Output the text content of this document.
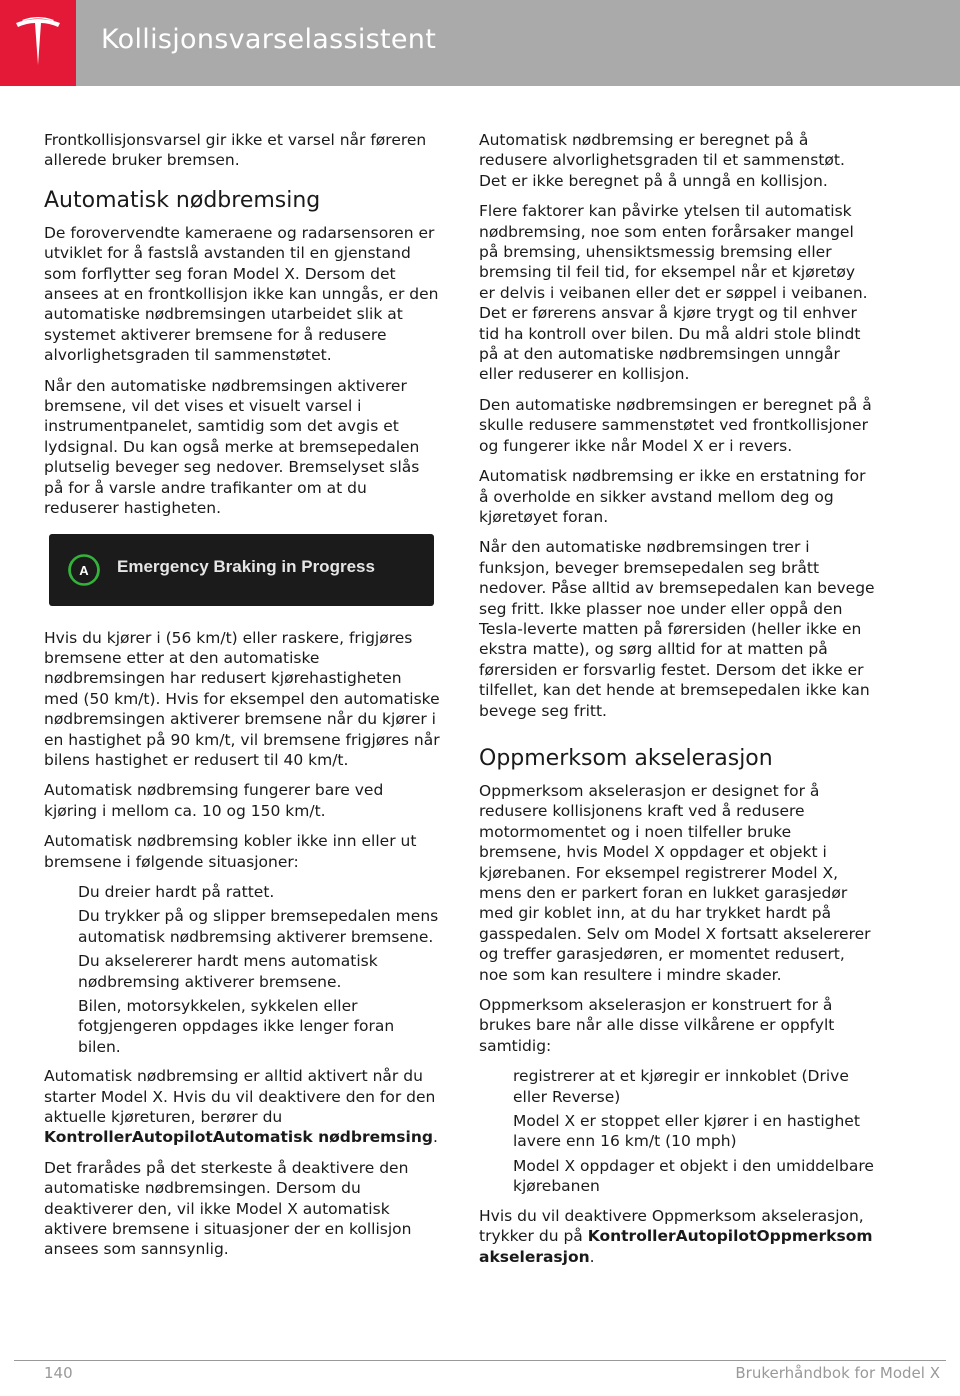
Kollisjonsvarselassistent

Frontkollisjonsvarsel gir ikke et varsel når føreren allerede bruker bremsen.

Automatisk nødbremsing

De forovervendte kameraene og radarsensoren er utviklet for å fastslå avstanden til en gjenstand som forflytter seg foran Model X. Dersom det ansees at en frontkollisjon ikke kan unngås, er den automatiske nødbremsingen utarbeidet slik at systemet aktiverer bremsene for å redusere alvorlighetsgraden til sammenstøtet.

Når den automatiske nødbremsingen aktiverer bremsene, vil det vises et visuelt varsel i instrumentpanelet, samtidig som det avgis et lydsignal. Du kan også merke at bremsepedalen plutselig beveger seg nedover. Bremselyset slås på for å varsle andre trafikanter om at du reduserer hastigheten.

A Emergency Braking in Progress

Hvis du kjører i (56 km/t) eller raskere, frigjøres bremsene etter at den automatiske nødbremsingen har redusert kjørehastigheten med (50 km/t). Hvis for eksempel den automatiske nødbremsingen aktiverer bremsene når du kjører i en hastighet på 90 km/t, vil bremsene frigjøres når bilens hastighet er redusert til 40 km/t.

Automatisk nødbremsing fungerer bare ved kjøring i mellom ca. 10 og 150 km/t.

Automatisk nødbremsing kobler ikke inn eller ut bremsene i følgende situasjoner:

Du dreier hardt på rattet.
Du trykker på og slipper bremsepedalen mens automatisk nødbremsing aktiverer bremsene.
Du akselererer hardt mens automatisk nødbremsing aktiverer bremsene.
Bilen, motorsykkelen, sykkelen eller fotgjengeren oppdages ikke lenger foran bilen.

Automatisk nødbremsing er alltid aktivert når du starter Model X. Hvis du vil deaktivere den for den aktuelle kjøreturen, berører du KontrollerAutopilotAutomatisk nødbremsing.

Det frarådes på det sterkeste å deaktivere den automatiske nødbremsingen. Dersom du deaktiverer den, vil ikke Model X automatisk aktivere bremsene i situasjoner der en kollisjon ansees som sannsynlig.

Automatisk nødbremsing er beregnet på å redusere alvorlighetsgraden til et sammenstøt. Det er ikke beregnet på å unngå en kollisjon.

Flere faktorer kan påvirke ytelsen til automatisk nødbremsing, noe som enten forårsaker mangel på bremsing, uhensiktsmessig bremsing eller bremsing til feil tid, for eksempel når et kjøretøy er delvis i veibanen eller det er søppel i veibanen. Det er førerens ansvar å kjøre trygt og til enhver tid ha kontroll over bilen. Du må aldri stole blindt på at den automatiske nødbremsingen unngår eller reduserer en kollisjon.

Den automatiske nødbremsingen er beregnet på å skulle redusere sammenstøtet ved frontkollisjoner og fungerer ikke når Model X er i revers.

Automatisk nødbremsing er ikke en erstatning for å overholde en sikker avstand mellom deg og kjøretøyet foran.

Når den automatiske nødbremsingen trer i funksjon, beveger bremsepedalen seg brått nedover. Påse alltid av bremsepedalen kan bevege seg fritt. Ikke plasser noe under eller oppå den Tesla-leverte matten på førersiden (heller ikke en ekstra matte), og sørg alltid for at matten på førersiden er forsvarlig festet. Dersom det ikke er tilfellet, kan det hende at bremsepedalen ikke kan bevege seg fritt.

Oppmerksom akselerasjon

Oppmerksom akselerasjon er designet for å redusere kollisjonens kraft ved å redusere motormomentet og i noen tilfeller bruke bremsene, hvis Model X oppdager et objekt i kjørebanen. For eksempel registrerer Model X, mens den er parkert foran en lukket garasjedør med gir koblet inn, at du har trykket hardt på gasspedalen. Selv om Model X fortsatt akselererer og treffer garasjedøren, er momentet redusert, noe som kan resultere i mindre skader.

Oppmerksom akselerasjon er konstruert for å brukes bare når alle disse vilkårene er oppfylt samtidig:

registrerer at et kjøregir er innkoblet (Drive eller Reverse)
Model X er stoppet eller kjører i en hastighet lavere enn 16 km/t (10 mph)
Model X oppdager et objekt i den umiddelbare kjørebanen

Hvis du vil deaktivere Oppmerksom akselerasjon, trykker du på KontrollerAutopilotOppmerksom akselerasjon.

140	Brukerhåndbok for Model X
